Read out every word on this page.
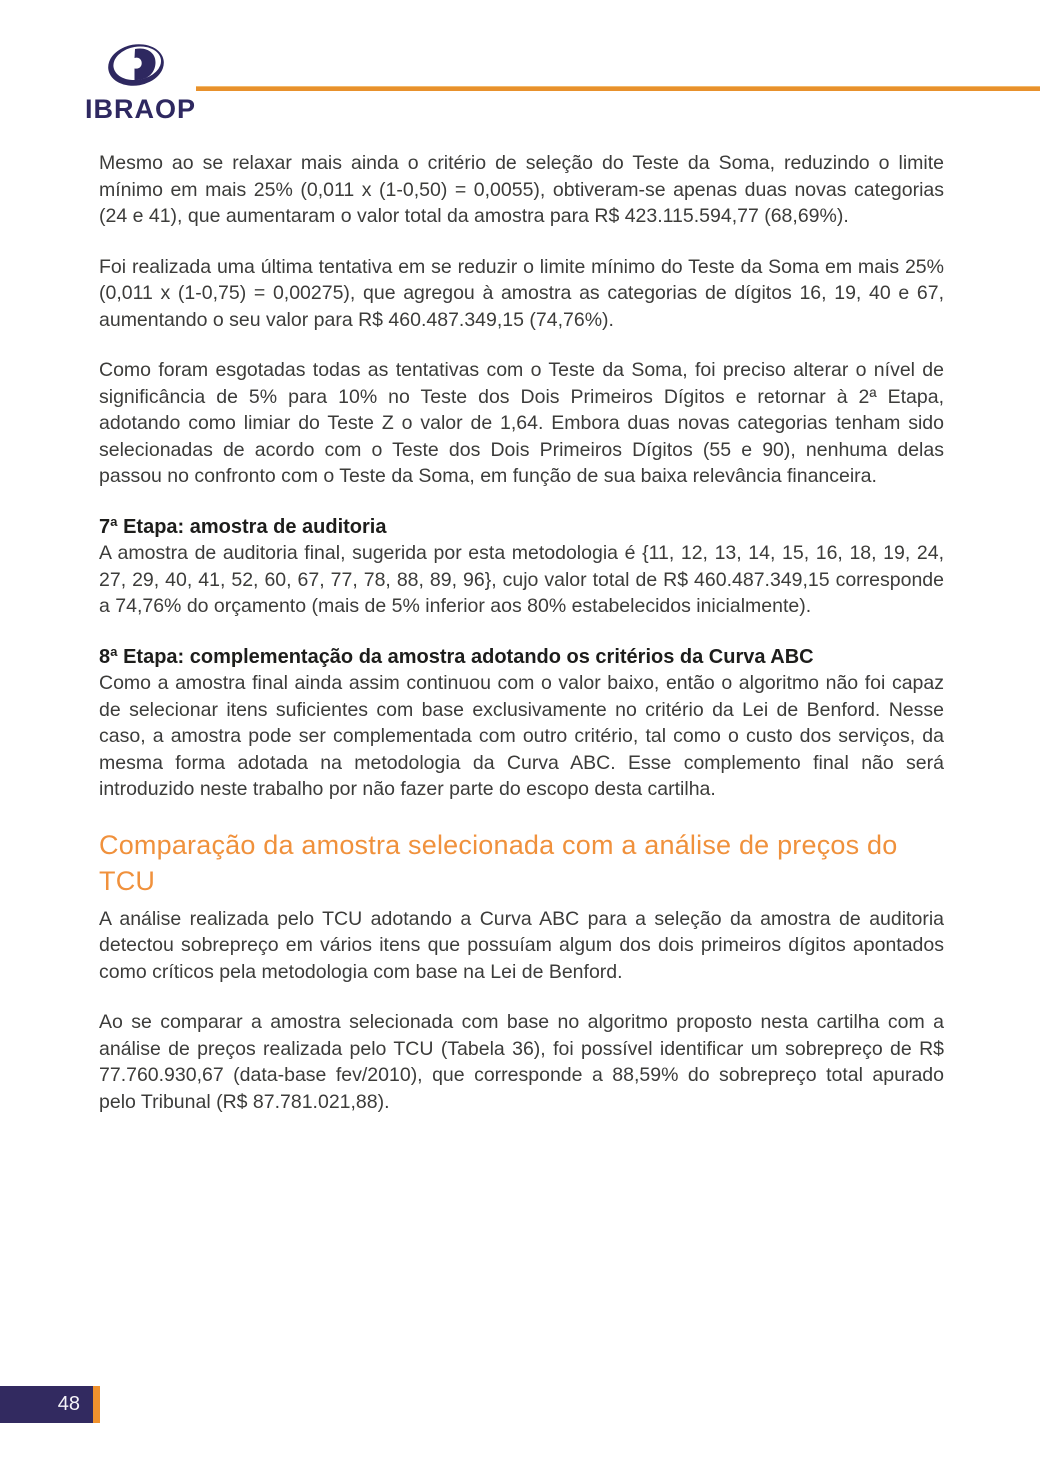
IBRAOP

Mesmo ao se relaxar mais ainda o critério de seleção do Teste da Soma, reduzindo o limite mínimo em mais 25% (0,011 x (1-0,50) = 0,0055), obtiveram-se apenas duas novas categorias (24 e 41), que aumentaram o valor total da amostra para R$ 423.115.594,77 (68,69%).

Foi realizada uma última tentativa em se reduzir o limite mínimo do Teste da Soma em mais 25% (0,011 x (1-0,75) = 0,00275), que agregou à amostra as categorias de dígitos 16, 19, 40 e 67, aumentando o seu valor para R$ 460.487.349,15 (74,76%).

Como foram esgotadas todas as tentativas com o Teste da Soma, foi preciso alterar o nível de significância de 5% para 10% no Teste dos Dois Primeiros Dígitos e retornar à 2ª Etapa, adotando como limiar do Teste Z o valor de 1,64. Embora duas novas categorias tenham sido selecionadas de acordo com o Teste dos Dois Primeiros Dígitos (55 e 90), nenhuma delas passou no confronto com o Teste da Soma, em função de sua baixa relevância financeira.

7ª Etapa: amostra de auditoria

A amostra de auditoria final, sugerida por esta metodologia é {11, 12, 13, 14, 15, 16, 18, 19, 24, 27, 29, 40, 41, 52, 60, 67, 77, 78, 88, 89, 96}, cujo valor total de R$ 460.487.349,15 corresponde a 74,76% do orçamento (mais de 5% inferior aos 80% estabelecidos inicialmente).

8ª Etapa: complementação da amostra adotando os critérios da Curva ABC

Como a amostra final ainda assim continuou com o valor baixo, então o algoritmo não foi capaz de selecionar itens suficientes com base exclusivamente no critério da Lei de Benford. Nesse caso, a amostra pode ser complementada com outro critério, tal como o custo dos serviços, da mesma forma adotada na metodologia da Curva ABC. Esse complemento final não será introduzido neste trabalho por não fazer parte do escopo desta cartilha.

Comparação da amostra selecionada com a análise de preços do TCU

A análise realizada pelo TCU adotando a Curva ABC para a seleção da amostra de auditoria detectou sobrepreço em vários itens que possuíam algum dos dois primeiros dígitos apontados como críticos pela metodologia com base na Lei de Benford.

Ao se comparar a amostra selecionada com base no algoritmo proposto nesta cartilha com a análise de preços realizada pelo TCU (Tabela 36), foi possível identificar um sobrepreço de R$ 77.760.930,67 (data-base fev/2010), que corresponde a 88,59% do sobrepreço total apurado pelo Tribunal (R$ 87.781.021,88).

48
